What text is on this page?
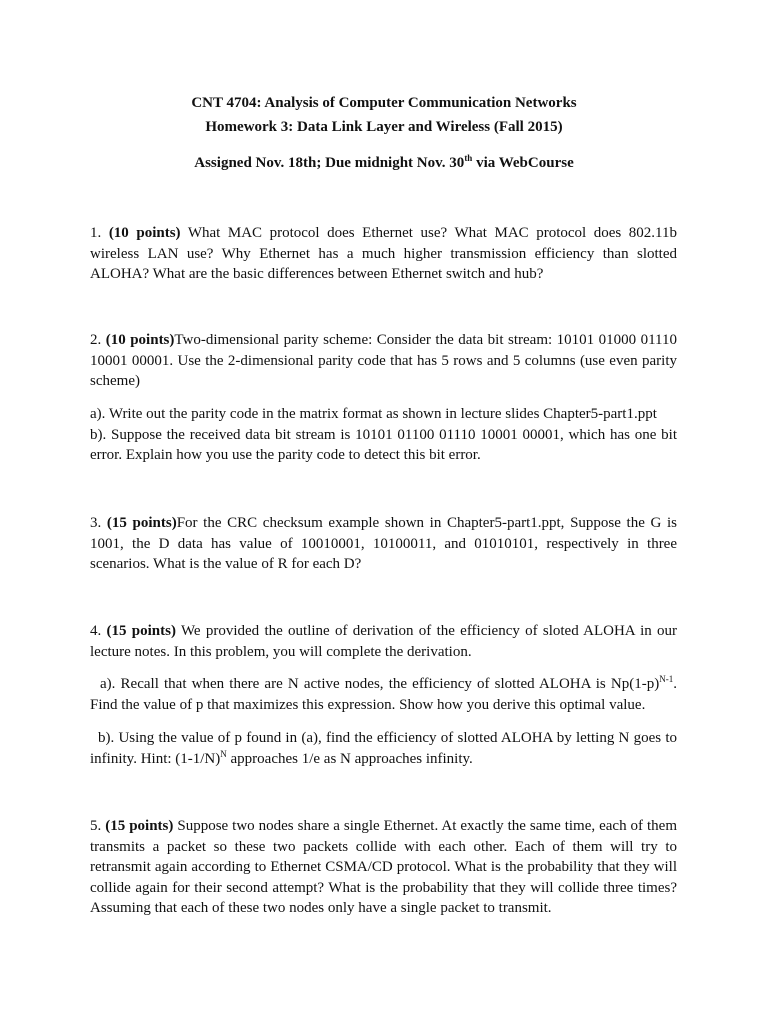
CNT 4704: Analysis of Computer Communication Networks
Homework 3: Data Link Layer and Wireless (Fall 2015)
Assigned Nov. 18th; Due midnight Nov. 30th via WebCourse

1. (10 points) What MAC protocol does Ethernet use? What MAC protocol does 802.11b wireless LAN use? Why Ethernet has a much higher transmission efficiency than slotted ALOHA? What are the basic differences between Ethernet switch and hub?

2. (10 points)Two-dimensional parity scheme: Consider the data bit stream: 10101 01000 01110 10001 00001. Use the 2-dimensional parity code that has 5 rows and 5 columns (use even parity scheme)

a). Write out the parity code in the matrix format as shown in lecture slides Chapter5-part1.ppt

b). Suppose the received data bit stream is 10101 01100 01110 10001 00001, which has one bit error. Explain how you use the parity code to detect this bit error.

3. (15 points)For the CRC checksum example shown in Chapter5-part1.ppt, Suppose the G is 1001, the D data has value of 10010001, 10100011, and 01010101, respectively in three scenarios. What is the value of R for each D?

4. (15 points) We provided the outline of derivation of the efficiency of sloted ALOHA in our lecture notes. In this problem, you will complete the derivation.

a). Recall that when there are N active nodes, the efficiency of slotted ALOHA is $Np(1-p)^{N-1}$. Find the value of p that maximizes this expression. Show how you derive this optimal value.

b). Using the value of p found in (a), find the efficiency of slotted ALOHA by letting N goes to infinity. Hint: $(1-1/N)^N$ approaches 1/e as N approaches infinity.

5. (15 points) Suppose two nodes share a single Ethernet. At exactly the same time, each of them transmits a packet so these two packets collide with each other. Each of them will try to retransmit again according to Ethernet CSMA/CD protocol. What is the probability that they will collide again for their second attempt? What is the probability that they will collide three times? Assuming that each of these two nodes only have a single packet to transmit.
